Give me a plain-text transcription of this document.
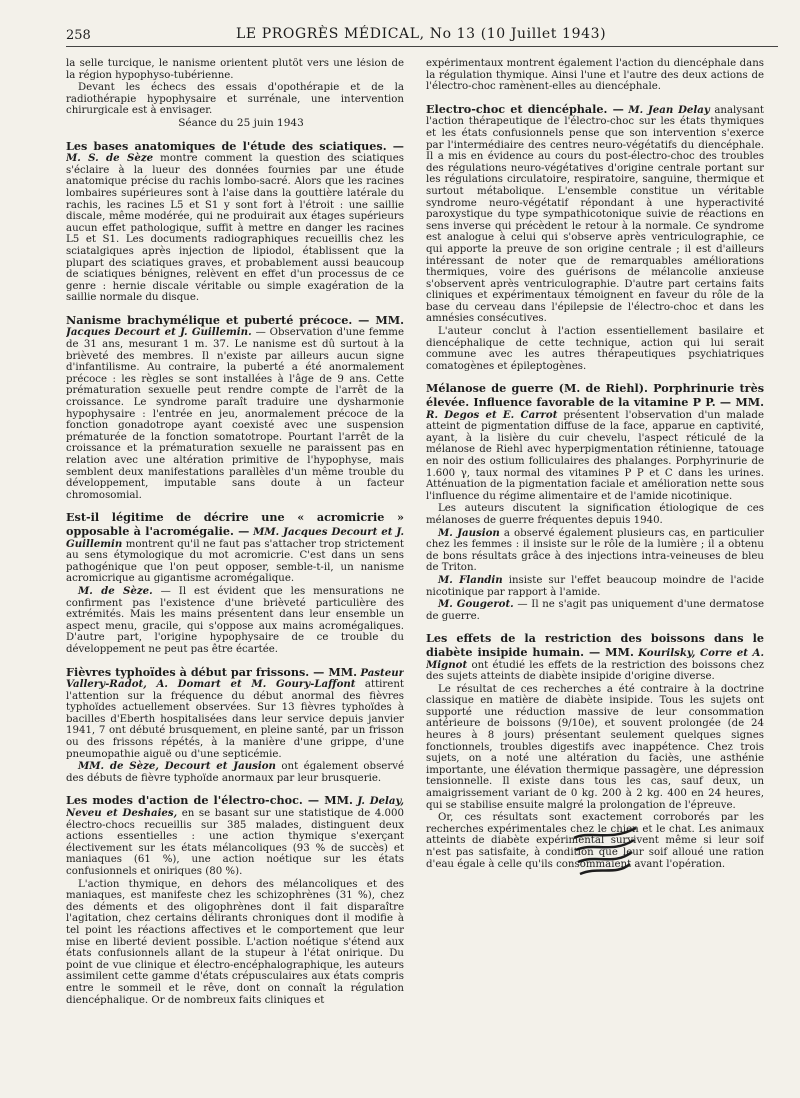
258	LE PROGRÈS MÉDICAL, No 13 (10 Juillet 1943)

la selle turcique, le nanisme orientent plutôt vers une lésion de la région hypophyso-tubérienne.

Devant les échecs des essais d'opothérapie et de la radiothérapie hypophysaire et surrénale, une intervention chirurgicale est à envisager.

Séance du 25 juin 1943

Les bases anatomiques de l'étude des sciatiques. — M. S. de Sèze montre comment la question des sciatiques s'éclaire à la lueur des données fournies par une étude anatomique précise du rachis lombo-sacré. Alors que les racines lombaires supérieures sont à l'aise dans la gouttière latérale du rachis, les racines L5 et S1 y sont fort à l'étroit : une saillie discale, même modérée, qui ne produirait aux étages supérieurs aucun effet pathologique, suffit à mettre en danger les racines L5 et S1. Les documents radiographiques recueillis chez les sciatalgiques après injection de lipiodol, établissent que la plupart des sciatiques graves, et probablement aussi beaucoup de sciatiques bénignes, relèvent en effet d'un processus de ce genre : hernie discale véritable ou simple exagération de la saillie normale du disque.

Nanisme brachymélique et puberté précoce. — MM. Jacques Decourt et J. Guillemin. — Observation d'une femme de 31 ans, mesurant 1 m. 37. Le nanisme est dû surtout à la brièveté des membres. Il n'existe par ailleurs aucun signe d'infantilisme. Au contraire, la puberté a été anormalement précoce : les règles se sont installées à l'âge de 9 ans. Cette prématuration sexuelle peut rendre compte de l'arrêt de la croissance. Le syndrome paraît traduire une dysharmonie hypophysaire : l'entrée en jeu, anormalement précoce de la fonction gonadotrope ayant coexisté avec une suspension prématurée de la fonction somatotrope. Pourtant l'arrêt de la croissance et la prématuration sexuelle ne paraissent pas en relation avec une altération primitive de l'hypophyse, mais semblent deux manifestations parallèles d'un même trouble du développement, imputable sans doute à un facteur chromosomial.

Est-il légitime de décrire une « acromicrie » opposable à l'acromégalie. — MM. Jacques Decourt et J. Guillemin montrent qu'il ne faut pas s'attacher trop strictement au sens étymologique du mot acromicrie. C'est dans un sens pathogénique que l'on peut opposer, semble-t-il, un nanisme acromicrique au gigantisme acromégalique.

M. de Sèze. — Il est évident que les mensurations ne confirment pas l'existence d'une brièveté particulière des extrémités. Mais les mains présentent dans leur ensemble un aspect menu, gracile, qui s'oppose aux mains acromégaliques. D'autre part, l'origine hypophysaire de ce trouble du développement ne peut pas être écartée.

Fièvres typhoïdes à début par frissons. — MM. Pasteur Vallery-Radot, A. Domart et M. Goury-Laffont attirent l'attention sur la fréquence du début anormal des fièvres typhoïdes actuellement observées. Sur 13 fièvres typhoïdes à bacilles d'Eberth hospitalisées dans leur service depuis janvier 1941, 7 ont débuté brusquement, en pleine santé, par un frisson ou des frissons répétés, à la manière d'une grippe, d'une pneumopathie aiguë ou d'une septicémie.

MM. de Sèze, Decourt et Jausion ont également observé des débuts de fièvre typhoïde anormaux par leur brusquerie.

Les modes d'action de l'électro-choc. — MM. J. Delay, Neveu et Deshaies, en se basant sur une statistique de 4.000 électro-chocs recueillis sur 385 malades, distinguent deux actions essentielles : une action thymique s'exerçant électivement sur les états mélancoliques (93 % de succès) et maniaques (61 %), une action noétique sur les états confusionnels et oniriques (80 %).

L'action thymique, en dehors des mélancoliques et des maniaques, est manifeste chez les schizophrènes (31 %), chez des déments et des oligophrènes dont il fait disparaître l'agitation, chez certains délirants chroniques dont il modifie à tel point les réactions affectives et le comportement que leur mise en liberté devient possible. L'action noétique s'étend aux états confusionnels allant de la stupeur à l'état onirique. Du point de vue clinique et électro-encéphalographique, les auteurs assimilent cette gamme d'états crépusculaires aux états compris entre le sommeil et le rêve, dont on connaît la régulation diencéphalique. Or de nombreux faits cliniques et

expérimentaux montrent également l'action du diencéphale dans la régulation thymique. Ainsi l'une et l'autre des deux actions de l'électro-choc ramènent-elles au diencéphale.

Electro-choc et diencéphale. — M. Jean Delay analysant l'action thérapeutique de l'électro-choc sur les états thymiques et les états confusionnels pense que son intervention s'exerce par l'intermédiaire des centres neuro-végétatifs du diencéphale. Il a mis en évidence au cours du post-électro-choc des troubles des régulations neuro-végétatives d'origine centrale portant sur les régulations circulatoire, respiratoire, sanguine, thermique et surtout métabolique. L'ensemble constitue un véritable syndrome neuro-végétatif répondant à une hyperactivité paroxystique du type sympathicotonique suivie de réactions en sens inverse qui précèdent le retour à la normale. Ce syndrome est analogue à celui qui s'observe après ventriculographie, ce qui apporte la preuve de son origine centrale ; il est d'ailleurs intéressant de noter que de remarquables améliorations thermiques, voire des guérisons de mélancolie anxieuse s'observent après ventriculographie. D'autre part certains faits cliniques et expérimentaux témoignent en faveur du rôle de la base du cerveau dans l'épilepsie de l'électro-choc et dans les amnésies consécutives.

L'auteur conclut à l'action essentiellement basilaire et diencéphalique de cette technique, action qui lui serait commune avec les autres thérapeutiques psychiatriques comatogènes et épileptogènes.

Mélanose de guerre (M. de Riehl). Porphrinurie très élevée. Influence favorable de la vitamine P P. — MM. R. Degos et E. Carrot présentent l'observation d'un malade atteint de pigmentation diffuse de la face, apparue en captivité, ayant, à la lisière du cuir chevelu, l'aspect réticulé de la mélanose de Riehl avec hyperpigmentation rétinienne, tatouage en noir des ostium folliculaires des phalanges. Porphyrinurie de 1.600 γ, taux normal des vitamines P P et C dans les urines. Atténuation de la pigmentation faciale et amélioration nette sous l'influence du régime alimentaire et de l'amide nicotinique.

Les auteurs discutent la signification étiologique de ces mélanoses de guerre fréquentes depuis 1940.

M. Jausion a observé également plusieurs cas, en particulier chez les femmes : il insiste sur le rôle de la lumière ; il a obtenu de bons résultats grâce à des injections intra-veineuses de bleu de Triton.

M. Flandin insiste sur l'effet beaucoup moindre de l'acide nicotinique par rapport à l'amide.

M. Gougerot. — Il ne s'agit pas uniquement d'une dermatose de guerre.

Les effets de la restriction des boissons dans le diabète insipide humain. — MM. Kourilsky, Corre et A. Mignot ont étudié les effets de la restriction des boissons chez des sujets atteints de diabète insipide d'origine diverse.

Le résultat de ces recherches a été contraire à la doctrine classique en matière de diabète insipide. Tous les sujets ont supporté une réduction massive de leur consommation antérieure de boissons (9/10e), et souvent prolongée (de 24 heures à 8 jours) présentant seulement quelques signes fonctionnels, troubles digestifs avec inappétence. Chez trois sujets, on a noté une altération du faciès, une asthénie importante, une élévation thermique passagère, une dépression tensionnelle. Il existe dans tous les cas, sauf deux, un amaigrissement variant de 0 kg. 200 à 2 kg. 400 en 24 heures, qui se stabilise ensuite malgré la prolongation de l'épreuve.

Or, ces résultats sont exactement corroborés par les recherches expérimentales chez le chien et le chat. Les animaux atteints de diabète expérimental survivent même si leur soif n'est pas satisfaite, à condition que leur soif alloué une ration d'eau égale à celle qu'ils consommaient avant l'opération.
